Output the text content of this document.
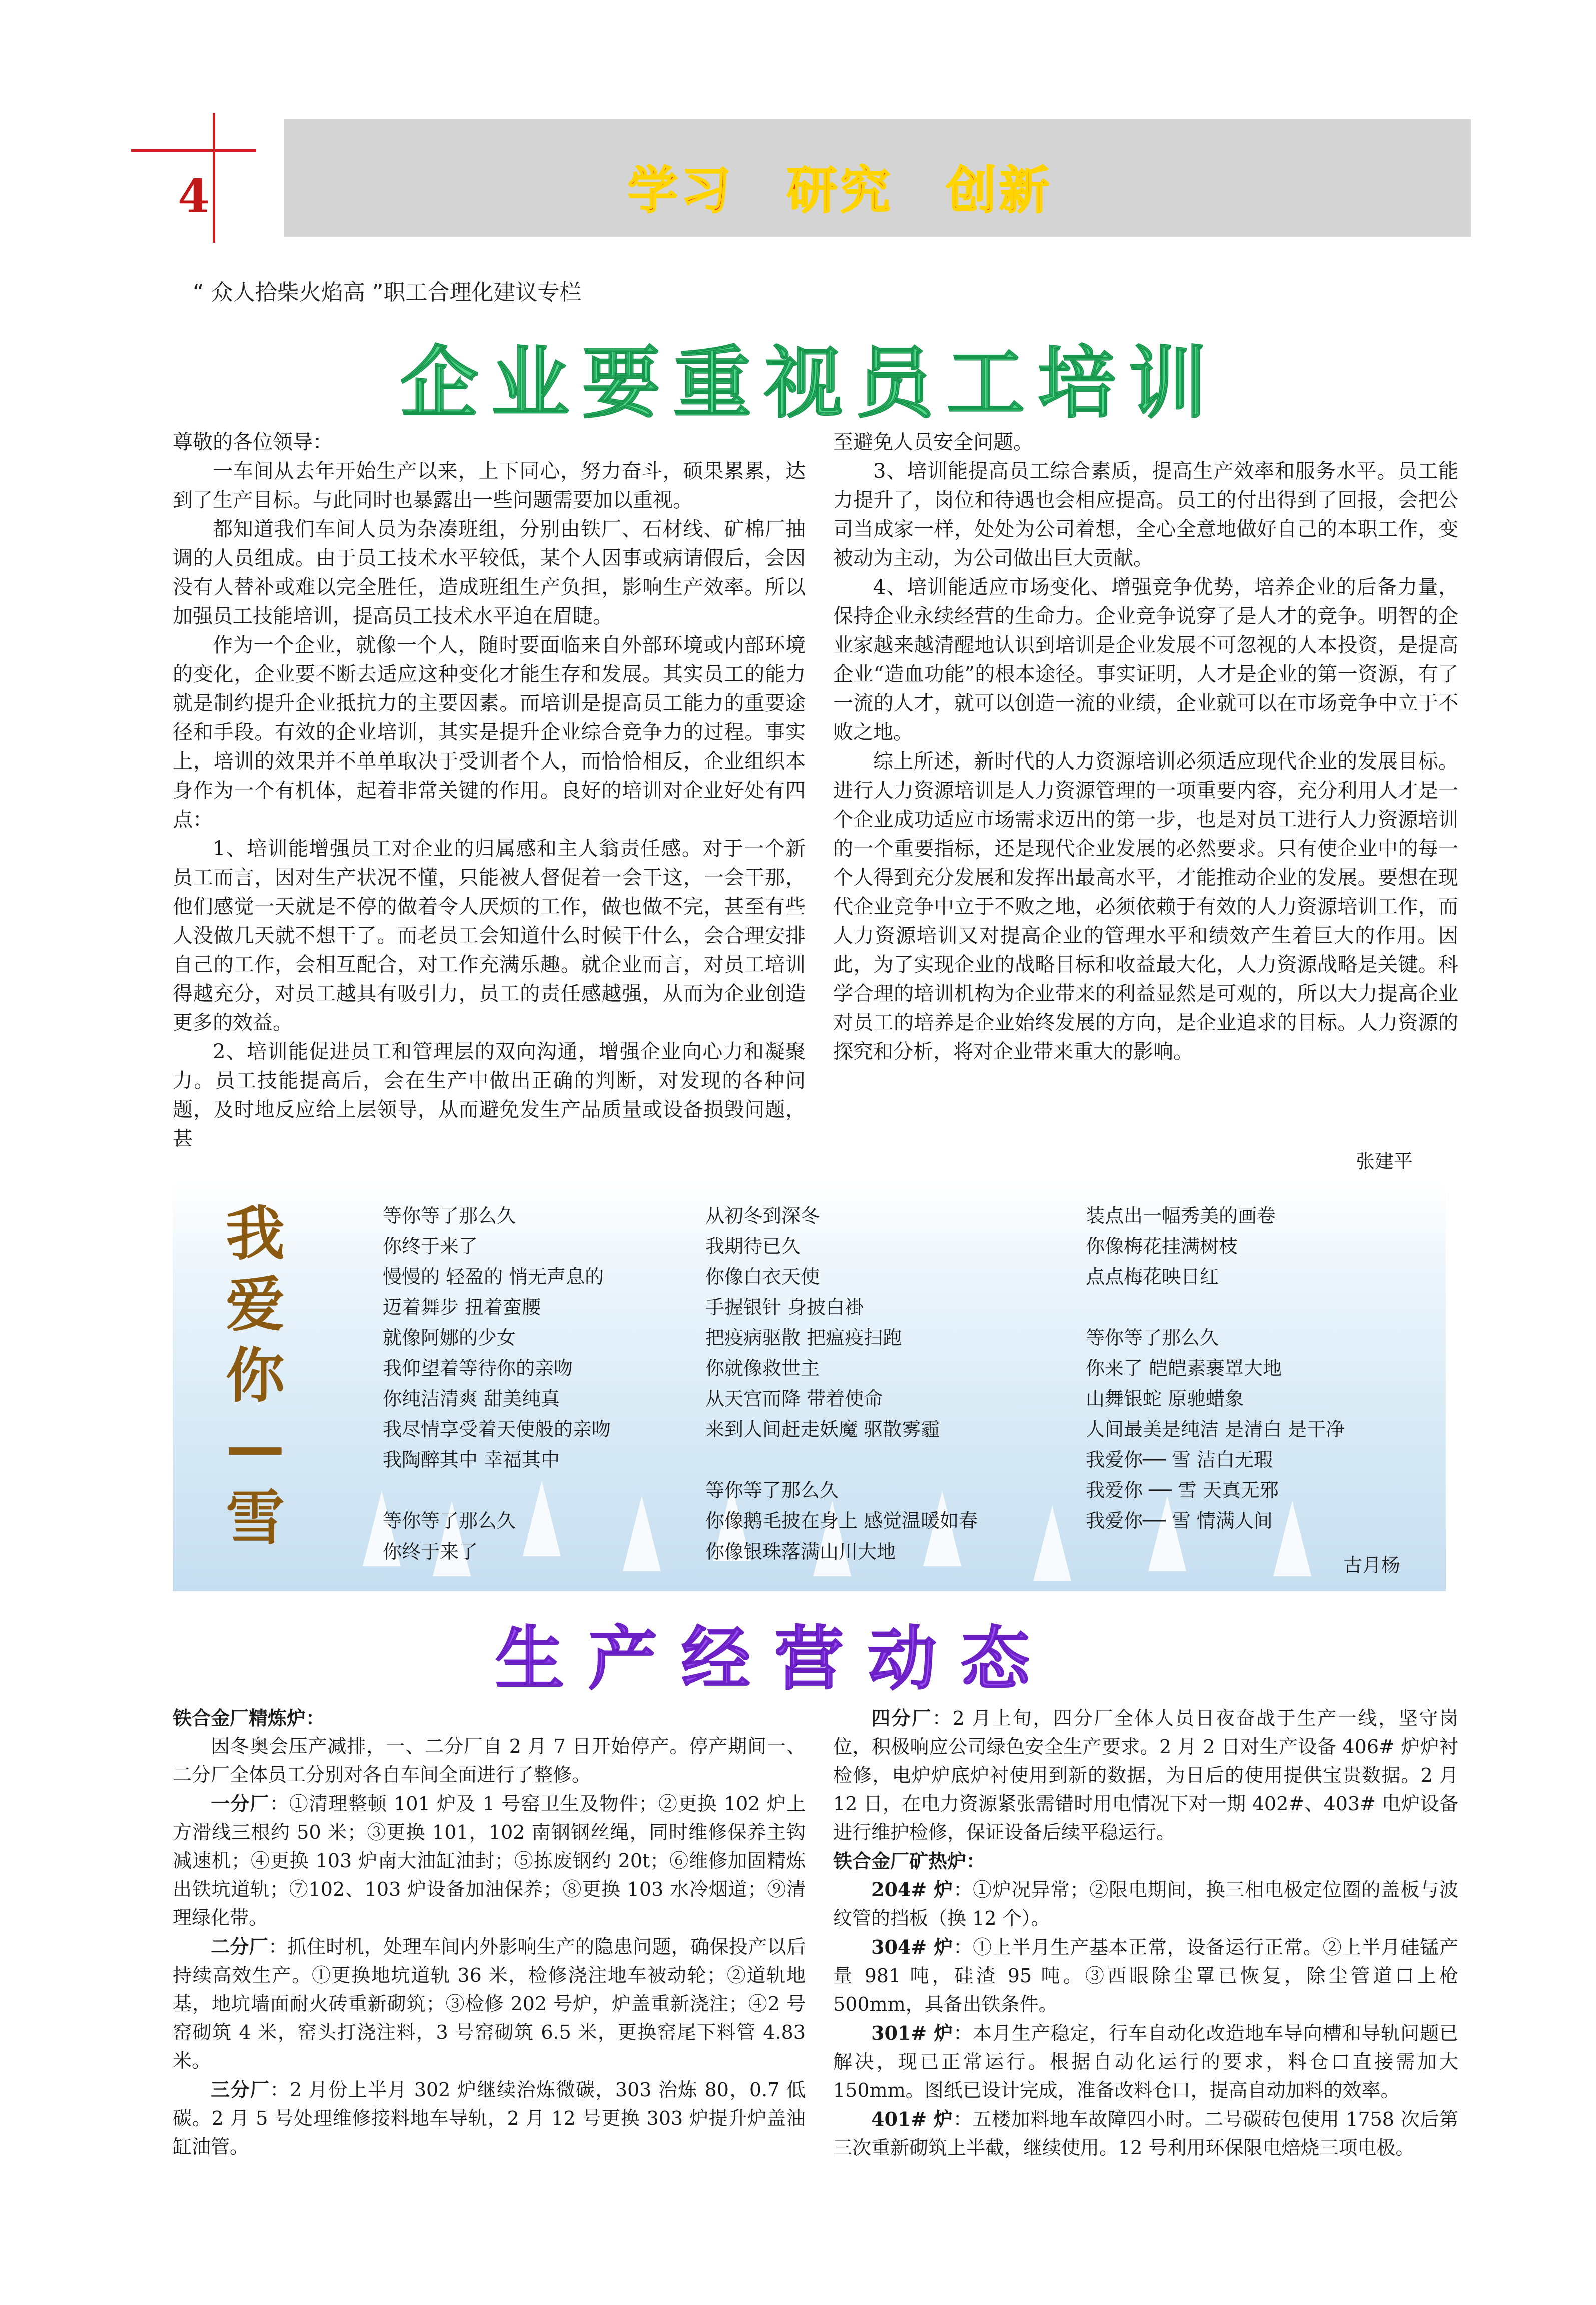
4	学习　研究　创新
“ 众人拾柴火焰高 ”职工合理化建议专栏
企业要重视员工培训

尊敬的各位领导：

一车间从去年开始生产以来，上下同心，努力奋斗，硕果累累，达到了生产目标。与此同时也暴露出一些问题需要加以重视。

都知道我们车间人员为杂凑班组，分别由铁厂、石材线、矿棉厂抽调的人员组成。由于员工技术水平较低，某个人因事或病请假后，会因没有人替补或难以完全胜任，造成班组生产负担，影响生产效率。所以加强员工技能培训，提高员工技术水平迫在眉睫。

作为一个企业，就像一个人，随时要面临来自外部环境或内部环境的变化，企业要不断去适应这种变化才能生存和发展。其实员工的能力就是制约提升企业抵抗力的主要因素。而培训是提高员工能力的重要途径和手段。有效的企业培训，其实是提升企业综合竞争力的过程。事实上，培训的效果并不单单取决于受训者个人，而恰恰相反，企业组织本身作为一个有机体，起着非常关键的作用。良好的培训对企业好处有四点：

1、培训能增强员工对企业的归属感和主人翁责任感。对于一个新员工而言，因对生产状况不懂，只能被人督促着一会干这，一会干那，他们感觉一天就是不停的做着令人厌烦的工作，做也做不完，甚至有些人没做几天就不想干了。而老员工会知道什么时候干什么，会合理安排自己的工作，会相互配合，对工作充满乐趣。就企业而言，对员工培训得越充分，对员工越具有吸引力，员工的责任感越强，从而为企业创造更多的效益。

2、培训能促进员工和管理层的双向沟通，增强企业向心力和凝聚力。员工技能提高后，会在生产中做出正确的判断，对发现的各种问题，及时地反应给上层领导，从而避免发生产品质量或设备损毁问题，甚

至避免人员安全问题。

3、培训能提高员工综合素质，提高生产效率和服务水平。员工能力提升了，岗位和待遇也会相应提高。员工的付出得到了回报，会把公司当成家一样，处处为公司着想，全心全意地做好自己的本职工作，变被动为主动，为公司做出巨大贡献。

4、培训能适应市场变化、增强竞争优势，培养企业的后备力量，保持企业永续经营的生命力。企业竞争说穿了是人才的竞争。明智的企业家越来越清醒地认识到培训是企业发展不可忽视的人本投资，是提高企业“造血功能”的根本途径。事实证明，人才是企业的第一资源，有了一流的人才，就可以创造一流的业绩，企业就可以在市场竞争中立于不败之地。

综上所述，新时代的人力资源培训必须适应现代企业的发展目标。进行人力资源培训是人力资源管理的一项重要内容，充分利用人才是一个企业成功适应市场需求迈出的第一步，也是对员工进行人力资源培训的一个重要指标，还是现代企业发展的必然要求。只有使企业中的每一个人得到充分发展和发挥出最高水平，才能推动企业的发展。要想在现代企业竞争中立于不败之地，必须依赖于有效的人力资源培训工作，而人力资源培训又对提高企业的管理水平和绩效产生着巨大的作用。因此，为了实现企业的战略目标和收益最大化，人力资源战略是关键。科学合理的培训机构为企业带来的利益显然是可观的，所以大力提高企业对员工的培养是企业始终发展的方向，是企业追求的目标。人力资源的探究和分析，将对企业带来重大的影响。

张建平
我
爱
你
—
雪
等你等了那么久
你终于来了
慢慢的 轻盈的 悄无声息的
迈着舞步 扭着蛮腰
就像阿娜的少女
我仰望着等待你的亲吻
你纯洁清爽 甜美纯真
我尽情享受着天使般的亲吻
我陶醉其中 幸福其中
等你等了那么久
你终于来了
从初冬到深冬
我期待已久
你像白衣天使
手握银针 身披白褂
把疫病驱散 把瘟疫扫跑
你就像救世主
从天宫而降 带着使命
来到人间赶走妖魔 驱散雾霾
等你等了那么久
你像鹅毛披在身上 感觉温暖如春
你像银珠落满山川大地
装点出一幅秀美的画卷
你像梅花挂满树枝
点点梅花映日红
等你等了那么久
你来了 皑皑素裹罩大地
山舞银蛇 原驰蜡象
人间最美是纯洁 是清白 是干净
我爱你── 雪 洁白无瑕
我爱你 ── 雪 天真无邪
我爱你── 雪 情满人间
古月杨
生产经营动态

铁合金厂精炼炉：

因冬奥会压产减排，一、二分厂自 2 月 7 日开始停产。停产期间一、二分厂全体员工分别对各自车间全面进行了整修。

一分厂：①清理整顿 101 炉及 1 号窑卫生及物件；②更换 102 炉上方滑线三根约 50 米；③更换 101，102 南钢钢丝绳，同时维修保养主钩减速机；④更换 103 炉南大油缸油封；⑤拣废钢约 20t；⑥维修加固精炼出铁坑道轨；⑦102、103 炉设备加油保养；⑧更换 103 水冷烟道；⑨清理绿化带。

二分厂：抓住时机，处理车间内外影响生产的隐患问题，确保投产以后持续高效生产。①更换地坑道轨 36 米，检修浇注地车被动轮；②道轨地基，地坑墙面耐火砖重新砌筑；③检修 202 号炉，炉盖重新浇注；④2 号窑砌筑 4 米，窑头打浇注料，3 号窑砌筑 6.5 米，更换窑尾下料管 4.83 米。

三分厂：2 月份上半月 302 炉继续治炼微碳，303 治炼 80，0.7 低碳。2 月 5 号处理维修接料地车导轨，2 月 12 号更换 303 炉提升炉盖油缸油管。

四分厂：2 月上旬，四分厂全体人员日夜奋战于生产一线，坚守岗位，积极响应公司绿色安全生产要求。2 月 2 日对生产设备 406# 炉炉衬检修，电炉炉底炉衬使用到新的数据，为日后的使用提供宝贵数据。2 月 12 日，在电力资源紧张需错时用电情况下对一期 402#、403# 电炉设备进行维护检修，保证设备后续平稳运行。

铁合金厂矿热炉：

204# 炉：①炉况异常；②限电期间，换三相电极定位圈的盖板与波纹管的挡板（换 12 个）。

304# 炉：①上半月生产基本正常，设备运行正常。②上半月硅锰产量 981 吨，硅渣 95 吨。③西眼除尘罩已恢复，除尘管道口上枪 500mm，具备出铁条件。

301# 炉：本月生产稳定，行车自动化改造地车导向槽和导轨问题已解决，现已正常运行。根据自动化运行的要求，料仓口直接需加大 150mm。图纸已设计完成，准备改料仓口，提高自动加料的效率。

401# 炉：五楼加料地车故障四小时。二号碳砖包使用 1758 次后第三次重新砌筑上半截，继续使用。12 号利用环保限电焙烧三项电极。
